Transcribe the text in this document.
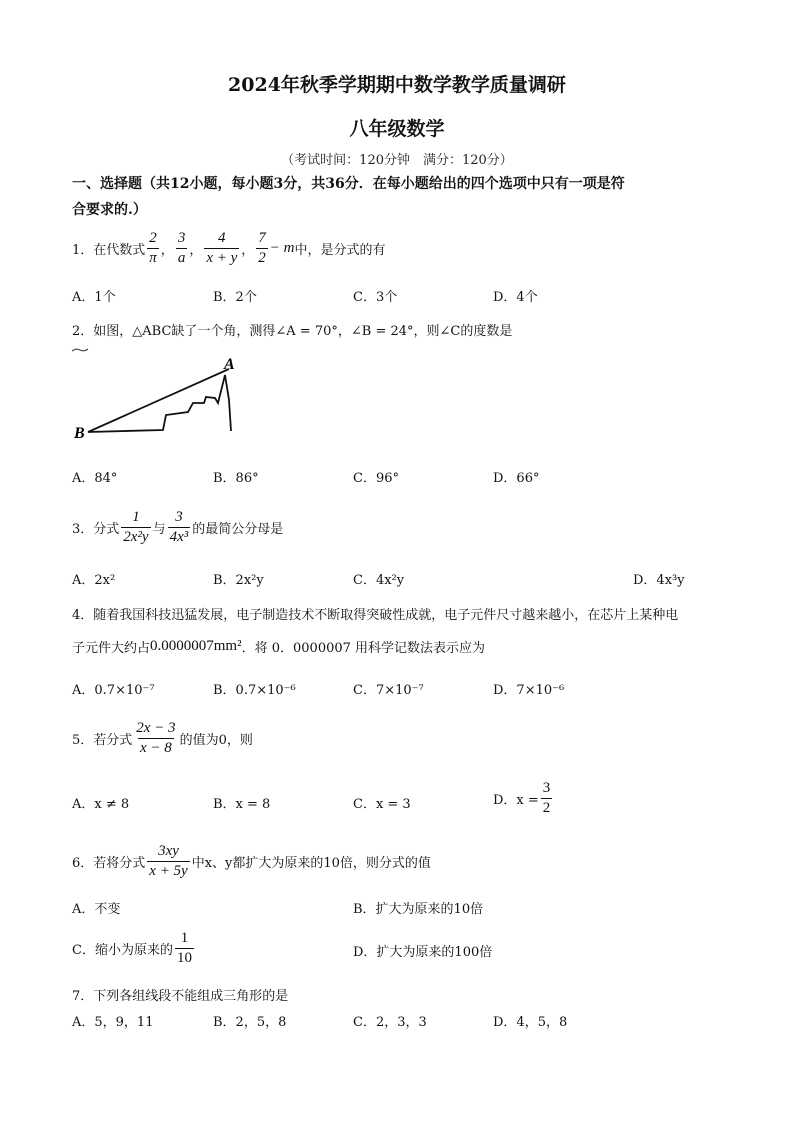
2024年秋季学期期中数学教学质量调研
八年级数学
（考试时间：120分钟　满分：120分）
一、选择题（共12小题，每小题3分，共36分．在每小题给出的四个选项中只有一项是符
合要求的.）
1．在代数式 $\frac{2}{\pi}$ ， $\frac{3}{a}$ ， $\frac{4}{x + y}$ ， $\frac{7}{2} - m$ 中，是分式的有
A．1个	B．2个	C．3个	D．4个
2．如图，△ABC缺了一个角，测得∠A = 70°，∠B = 24°，则∠C的度数是
A
B
A．84°	B．86°	C．96°	D．66°
3．分式 $\frac{1}{\text{2x²y}}$ 与 $\frac{3}{\text{4x³}}$ 的最简公分母是
A．2x²	B．2x²y	C．4x²y	D．4x³y
4．随着我国科技迅猛发展，电子制造技术不断取得突破性成就，电子元件尺寸越来越小，在芯片上某种电
子元件大约占 0.0000007mm² ．将 0．0000007 用科学记数法表示应为
A．0.7×10⁻⁷	B．0.7×10⁻⁶	C．7×10⁻⁷	D．7×10⁻⁶
5．若分式 $\frac{2x - 3}{x - 8}$ 的值为0，则
A．x ≠ 8	B．x = 8	C．x = 3	D．$x = \frac{3}{2}$
6．若将分式 $\frac{3xy}{x + 5y}$ 中x、y都扩大为原来的10倍，则分式的值
A．不变	B．扩大为原来的10倍
C．缩小为原来的 $\frac{1}{10}$	D．扩大为原来的100倍
7．下列各组线段不能组成三角形的是
A．5，9，11	B．2，5，8	C．2，3，3	D．4，5，8
